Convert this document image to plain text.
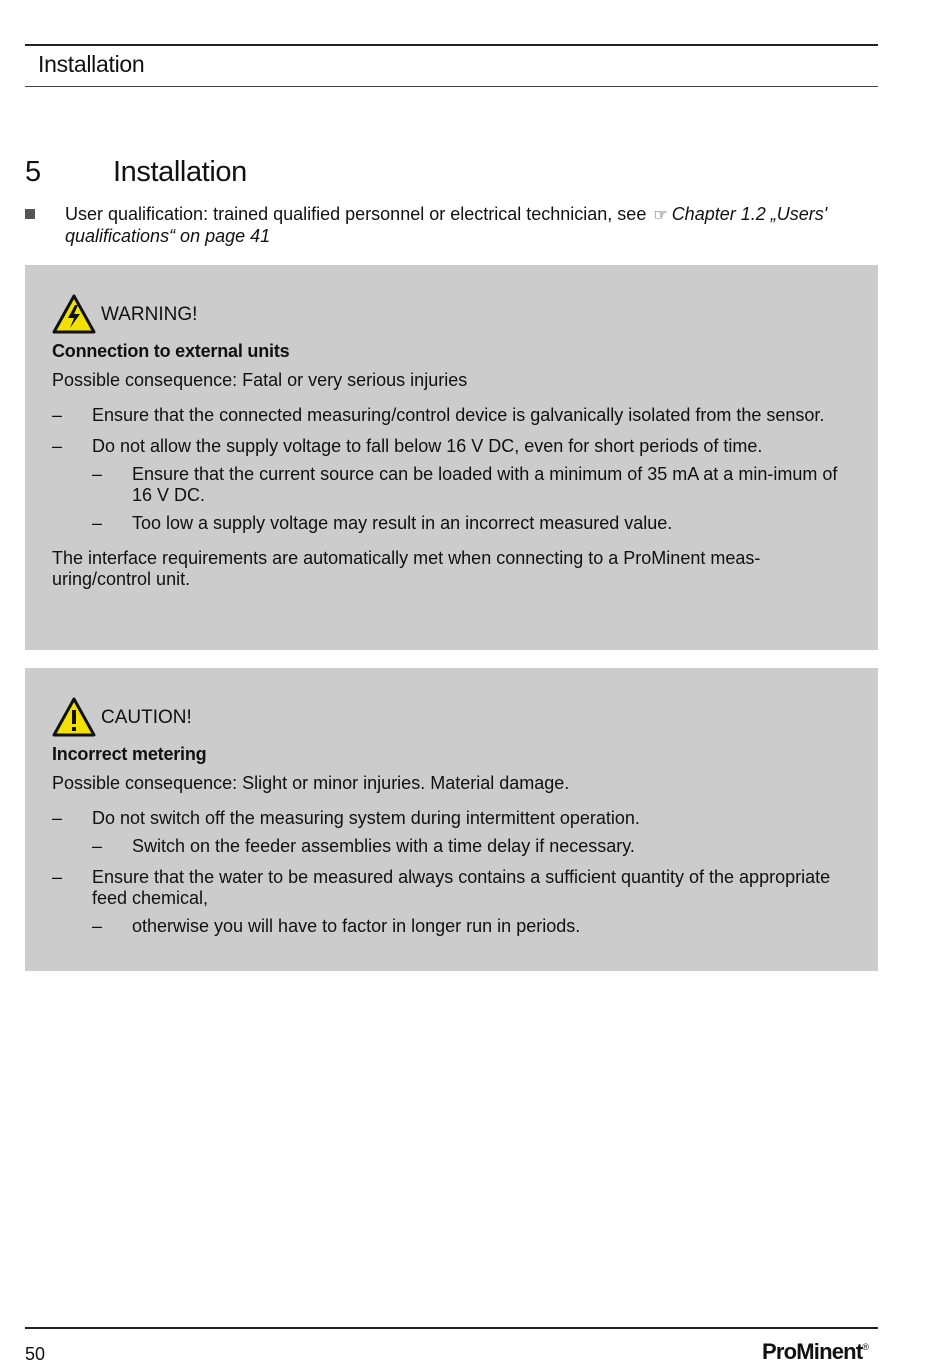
Installation
5 Installation
User qualification: trained qualified personnel or electrical technician, see ☞ Chapter 1.2 „Users' qualifications“ on page 41
WARNING!
Connection to external units
Possible consequence: Fatal or very serious injuries
– Ensure that the connected measuring/control device is galvanically isolated from the sensor.
– Do not allow the supply voltage to fall below 16 V DC, even for short periods of time.
– Ensure that the current source can be loaded with a minimum of 35 mA at a min-imum of 16 V DC.
– Too low a supply voltage may result in an incorrect measured value.
The interface requirements are automatically met when connecting to a ProMinent meas-uring/control unit.
CAUTION!
Incorrect metering
Possible consequence: Slight or minor injuries. Material damage.
– Do not switch off the measuring system during intermittent operation.
– Switch on the feeder assemblies with a time delay if necessary.
– Ensure that the water to be measured always contains a sufficient quantity of the appropriate feed chemical,
– otherwise you will have to factor in longer run in periods.
50	ProMinent®
